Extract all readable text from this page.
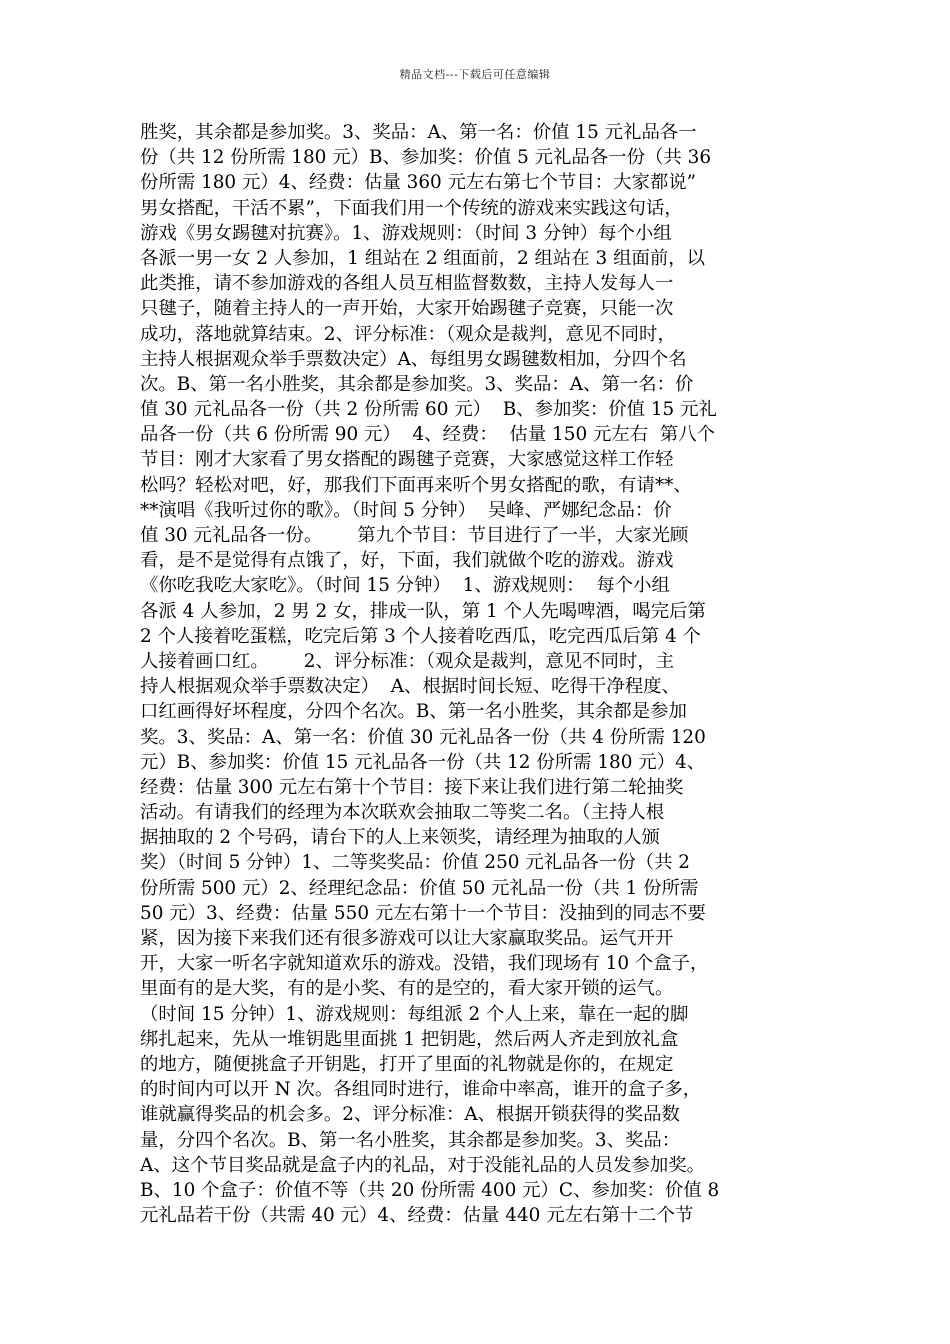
精品文档---下载后可任意编辑
胜奖，其余都是参加奖。3、奖品：A、第一名：价值 15 元礼品各一
份（共 12 份所需 180 元）B、参加奖：价值 5 元礼品各一份（共 36
份所需 180 元）4、经费：估量 360 元左右第七个节目：大家都说”
男女搭配，干活不累”，下面我们用一个传统的游戏来实践这句话，
游戏《男女踢毽对抗赛》。1、游戏规则：（时间 3 分钟）每个小组
各派一男一女 2 人参加，1 组站在 2 组面前，2 组站在 3 组面前，以
此类推，请不参加游戏的各组人员互相监督数数，主持人发每人一
只毽子，随着主持人的一声开始，大家开始踢毽子竞赛，只能一次
成功，落地就算结束。2、评分标准：（观众是裁判，意见不同时，
主持人根据观众举手票数决定）A、每组男女踢毽数相加，分四个名
次。B、第一名小胜奖，其余都是参加奖。3、奖品：A、第一名：价
值 30 元礼品各一份（共 2 份所需 60 元）  B、参加奖：价值 15 元礼
品各一份（共 6 份所需 90 元）  4、经费：  估量 150 元左右  第八个
节目：刚才大家看了男女搭配的踢毽子竞赛，大家感觉这样工作轻
松吗？轻松对吧，好，那我们下面再来听个男女搭配的歌，有请**、
**演唱《我听过你的歌》。（时间 5 分钟）  吴峰、严娜纪念品：价
值 30 元礼品各一份。      第九个节目：节目进行了一半，大家光顾
看，是不是觉得有点饿了，好，下面，我们就做个吃的游戏。游戏
《你吃我吃大家吃》。（时间 15 分钟）  1、游戏规则：  每个小组
各派 4 人参加，2 男 2 女，排成一队，第 1 个人先喝啤酒，喝完后第
2 个人接着吃蛋糕，吃完后第 3 个人接着吃西瓜，吃完西瓜后第 4 个
人接着画口红。      2、评分标准：（观众是裁判，意见不同时，主
持人根据观众举手票数决定）  A、根据时间长短、吃得干净程度、
口红画得好坏程度，分四个名次。B、第一名小胜奖，其余都是参加
奖。3、奖品：A、第一名：价值 30 元礼品各一份（共 4 份所需 120
元）B、参加奖：价值 15 元礼品各一份（共 12 份所需 180 元）4、
经费：估量 300 元左右第十个节目：接下来让我们进行第二轮抽奖
活动。有请我们的经理为本次联欢会抽取二等奖二名。（主持人根
据抽取的 2 个号码，请台下的人上来领奖，请经理为抽取的人颁
奖）（时间 5 分钟）1、二等奖奖品：价值 250 元礼品各一份（共 2
份所需 500 元）2、经理纪念品：价值 50 元礼品一份（共 1 份所需
50 元）3、经费：估量 550 元左右第十一个节目：没抽到的同志不要
紧，因为接下来我们还有很多游戏可以让大家赢取奖品。运气开开
开，大家一听名字就知道欢乐的游戏。没错，我们现场有 10 个盒子，
里面有的是大奖，有的是小奖、有的是空的，看大家开锁的运气。
（时间 15 分钟）1、游戏规则：每组派 2 个人上来，靠在一起的脚
绑扎起来，先从一堆钥匙里面挑 1 把钥匙，然后两人齐走到放礼盒
的地方，随便挑盒子开钥匙，打开了里面的礼物就是你的，在规定
的时间内可以开 N 次。各组同时进行，谁命中率高，谁开的盒子多，
谁就赢得奖品的机会多。2、评分标准：A、根据开锁获得的奖品数
量，分四个名次。B、第一名小胜奖，其余都是参加奖。3、奖品：
A、这个节目奖品就是盒子内的礼品，对于没能礼品的人员发参加奖。
B、10 个盒子：价值不等（共 20 份所需 400 元）C、参加奖：价值 8
元礼品若干份（共需 40 元）4、经费：估量 440 元左右第十二个节
